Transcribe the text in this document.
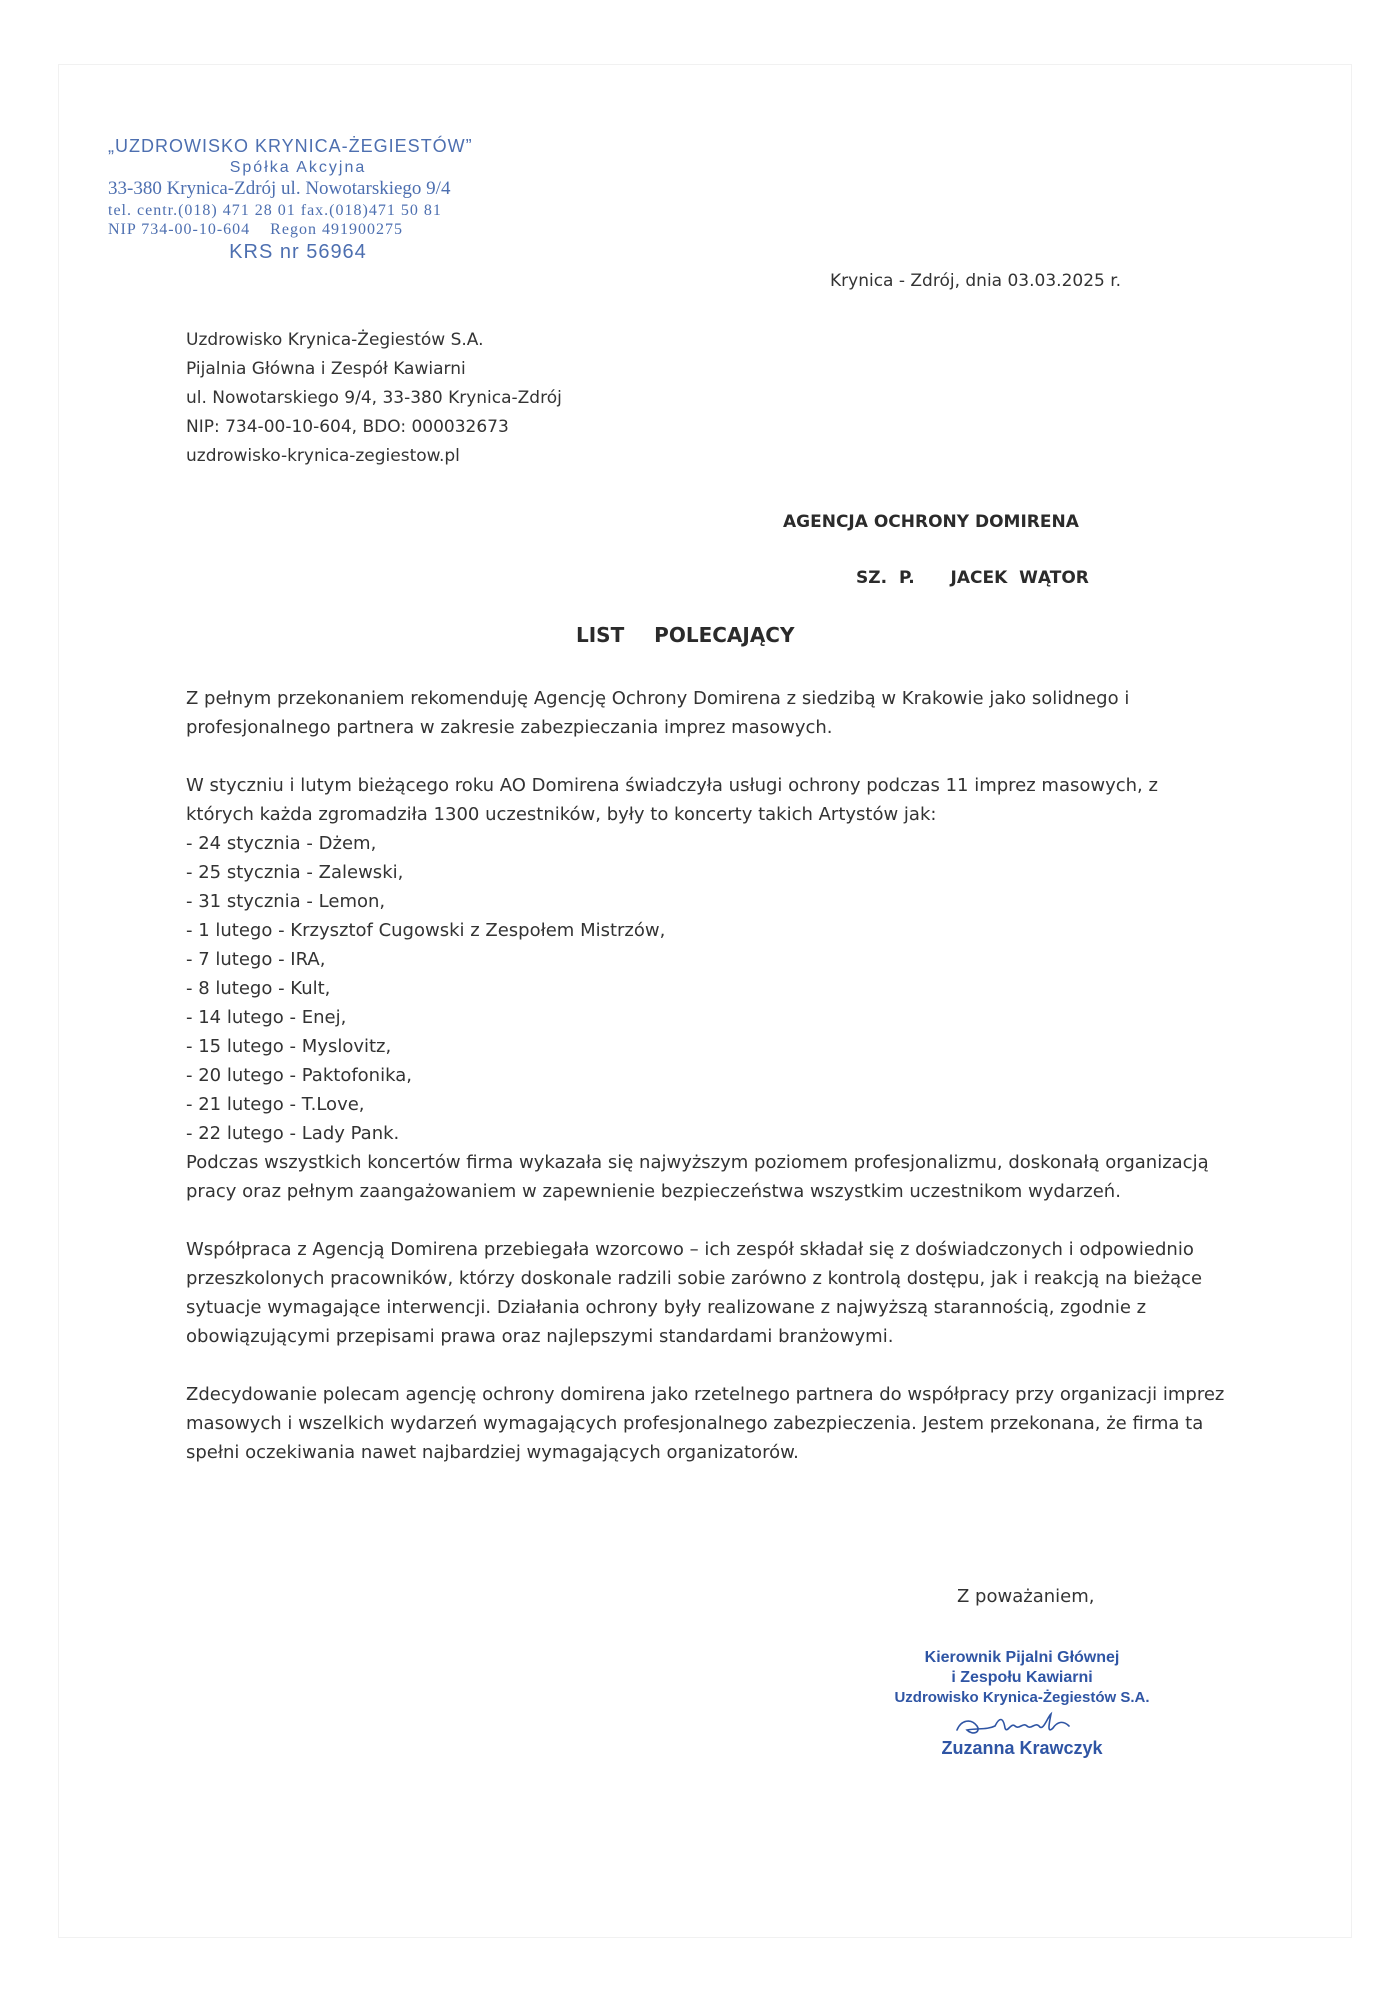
„UZDROWISKO KRYNICA-ŻEGIESTÓW”
Spółka Akcyjna
33-380 Krynica-Zdrój ul. Nowotarskiego 9/4
tel. centr.(018) 471 28 01 fax.(018)471 50 81
NIP 734-00-10-604    Regon 491900275
KRS nr 56964
Krynica - Zdrój, dnia 03.03.2025 r.
Uzdrowisko Krynica-Żegiestów S.A.
Pijalnia Główna i Zespół Kawiarni
ul. Nowotarskiego 9/4, 33-380 Krynica-Zdrój
NIP: 734-00-10-604, BDO: 000032673
uzdrowisko-krynica-zegiestow.pl
AGENCJA OCHRONY DOMIRENA
SZ. P.   JACEK WĄTOR
LIST  POLECAJĄCY

Z pełnym przekonaniem rekomenduję Agencję Ochrony Domirena z siedzibą w Krakowie jako solidnego i profesjonalnego partnera w zakresie zabezpieczania imprez masowych.

W styczniu i lutym bieżącego roku AO Domirena świadczyła usługi ochrony podczas 11 imprez masowych, z których każda zgromadziła 1300 uczestników, były to koncerty takich Artystów jak:
- 24 stycznia - Dżem,
- 25 stycznia - Zalewski,
- 31 stycznia - Lemon,
- 1 lutego - Krzysztof Cugowski z Zespołem Mistrzów,
- 7 lutego - IRA,
- 8 lutego - Kult,
- 14 lutego - Enej,
- 15 lutego - Myslovitz,
- 20 lutego - Paktofonika,
- 21 lutego - T.Love,
- 22 lutego - Lady Pank.

Podczas wszystkich koncertów firma wykazała się najwyższym poziomem profesjonalizmu, doskonałą organizacją pracy oraz pełnym zaangażowaniem w zapewnienie bezpieczeństwa wszystkim uczestnikom wydarzeń.

Współpraca z Agencją Domirena przebiegała wzorcowo – ich zespół składał się z doświadczonych i odpowiednio przeszkolonych pracowników, którzy doskonale radzili sobie zarówno z kontrolą dostępu, jak i reakcją na bieżące sytuacje wymagające interwencji. Działania ochrony były realizowane z najwyższą starannością, zgodnie z obowiązującymi przepisami prawa oraz najlepszymi standardami branżowymi.

Zdecydowanie polecam agencję ochrony domirena jako rzetelnego partnera do współpracy przy organizacji imprez masowych i wszelkich wydarzeń wymagających profesjonalnego zabezpieczenia. Jestem przekonana, że firma ta spełni oczekiwania nawet najbardziej wymagających organizatorów.

Z poważaniem,
Kierownik Pijalni Głównej
i Zespołu Kawiarni
Uzdrowisko Krynica-Żegiestów S.A.
Zuzanna Krawczyk
